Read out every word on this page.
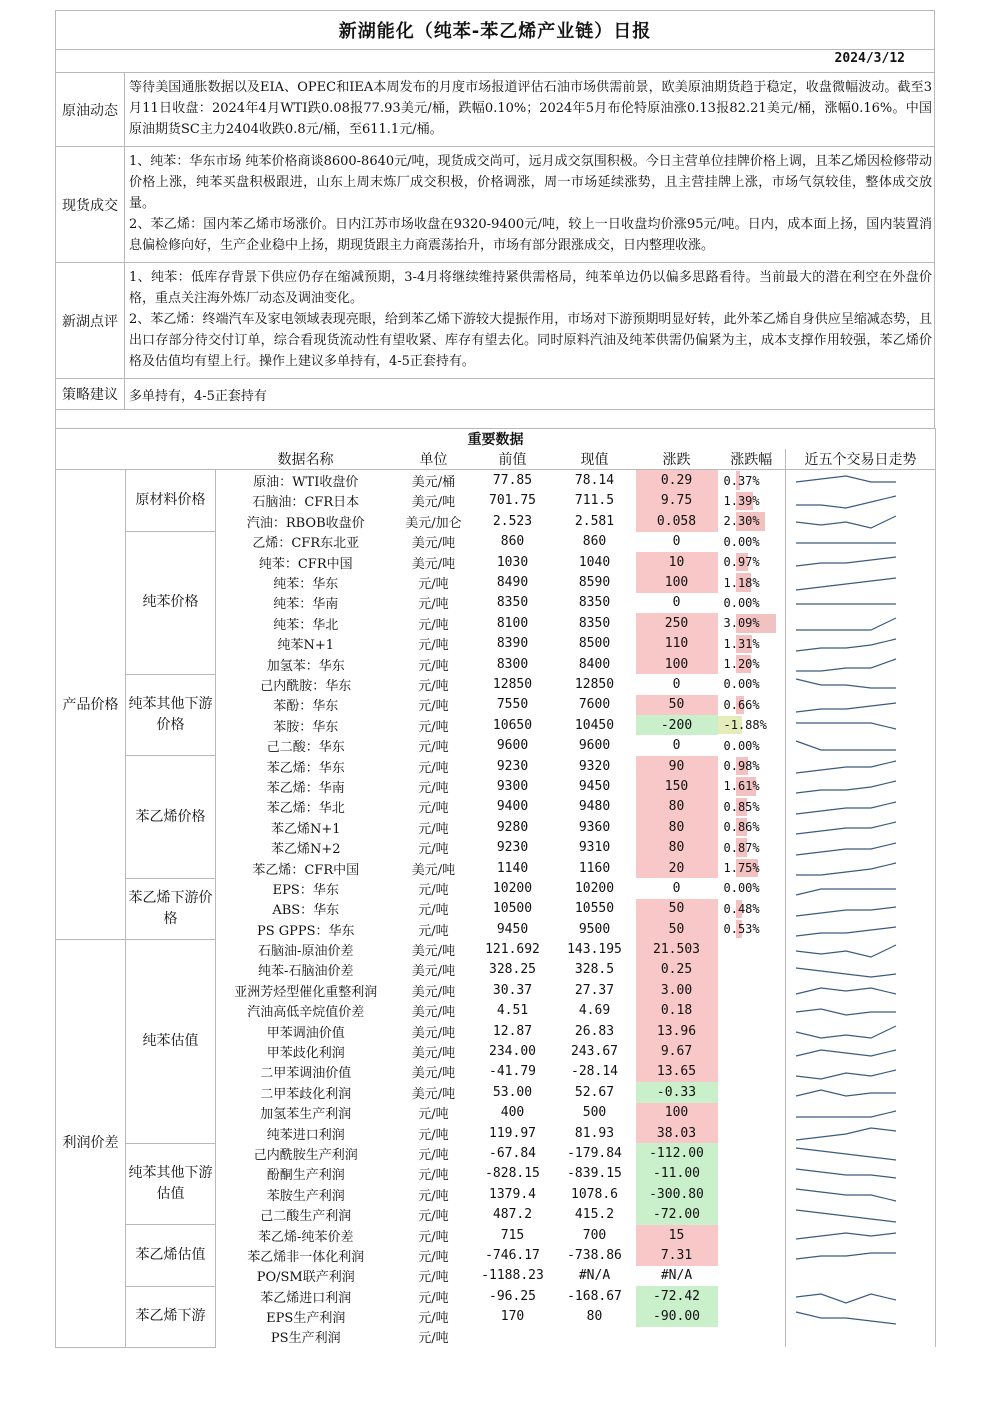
新湖能化（纯苯-苯乙烯产业链）日报

2024/3/12
原油动态	等待美国通胀数据以及EIA、OPEC和IEA本周发布的月度市场报道评估石油市场供需前景，欧美原油期货趋于稳定，收盘微幅波动。截至3月11日收盘：2024年4月WTI跌0.08报77.93美元/桶，跌幅0.10%；2024年5月布伦特原油涨0.13报82.21美元/桶，涨幅0.16%。中国原油期货SC主力2404收跌0.8元/桶，至611.1元/桶。

现货成交	1、纯苯：华东市场 纯苯价格商谈8600-8640元/吨，现货成交尚可，远月成交氛围积极。今日主营单位挂牌价格上调，且苯乙烯因检修带动价格上涨，纯苯买盘积极跟进，山东上周末炼厂成交积极，价格调涨，周一市场延续涨势，且主营挂牌上涨，市场气氛较佳，整体成交放量。

2、苯乙烯：国内苯乙烯市场涨价。日内江苏市场收盘在9320-9400元/吨，较上一日收盘均价涨95元/吨。日内，成本面上扬，国内装置消息偏检修向好，生产企业稳中上扬，期现货跟主力商震荡抬升，市场有部分跟涨成交，日内整理收涨。

新湖点评	1、纯苯：低库存背景下供应仍存在缩减预期，3-4月将继续维持紧供需格局，纯苯单边仍以偏多思路看待。当前最大的潜在利空在外盘价格，重点关注海外炼厂动态及调油变化。

2、苯乙烯：终端汽车及家电领域表现亮眼，给到苯乙烯下游较大提振作用，市场对下游预期明显好转，此外苯乙烯自身供应呈缩减态势，且出口存部分待交付订单，综合看现货流动性有望收紧、库存有望去化。同时原料汽油及纯苯供需仍偏紧为主，成本支撑作用较强，苯乙烯价格及估值均有望上行。操作上建议多单持有，4-5正套持有。

策略建议	多单持有，4-5正套持有

重要数据								
		数据名称	单位	前值	现值	涨跌	涨跌幅	近五个交易日走势
产品价格	原材料价格	原油：WTI收盘价	美元/桶	77.85	78.14	0.29	0.37%	

		石脑油：CFR日本	美元/吨	701.75	711.5	9.75	1.39%	

		汽油：RBOB收盘价	美元/加仑	2.523	2.581	0.058	2.30%	

	纯苯价格	乙烯：CFR东北亚	美元/吨	860	860	0	0.00%	

		纯苯：CFR中国	美元/吨	1030	1040	10	0.97%	

		纯苯：华东	元/吨	8490	8590	100	1.18%	

		纯苯：华南	元/吨	8350	8350	0	0.00%	

		纯苯：华北	元/吨	8100	8350	250	3.09%	

		纯苯N+1	元/吨	8390	8500	110	1.31%	

		加氢苯：华东	元/吨	8300	8400	100	1.20%	

	纯苯其他下游价格	己内酰胺：华东	元/吨	12850	12850	0	0.00%	

		苯酚：华东	元/吨	7550	7600	50	0.66%	

		苯胺：华东	元/吨	10650	10450	-200	-1.88%	

		己二酸：华东	元/吨	9600	9600	0	0.00%	

	苯乙烯价格	苯乙烯：华东	元/吨	9230	9320	90	0.98%	

		苯乙烯：华南	元/吨	9300	9450	150	1.61%	

		苯乙烯：华北	元/吨	9400	9480	80	0.85%	

		苯乙烯N+1	元/吨	9280	9360	80	0.86%	

		苯乙烯N+2	元/吨	9230	9310	80	0.87%	

		苯乙烯：CFR中国	美元/吨	1140	1160	20	1.75%	

	苯乙烯下游价格	EPS：华东	元/吨	10200	10200	0	0.00%	

		ABS：华东	元/吨	10500	10550	50	0.48%	

		PS GPPS：华东	元/吨	9450	9500	50	0.53%	

利润价差	纯苯估值	石脑油-原油价差	美元/吨	121.692	143.195	21.503		

		纯苯-石脑油价差	美元/吨	328.25	328.5	0.25		

		亚洲芳烃型催化重整利润	美元/吨	30.37	27.37	3.00		

		汽油高低辛烷值价差	美元/吨	4.51	4.69	0.18		

		甲苯调油价值	美元/吨	12.87	26.83	13.96		

		甲苯歧化利润	美元/吨	234.00	243.67	9.67		

		二甲苯调油价值	美元/吨	-41.79	-28.14	13.65		

		二甲苯歧化利润	美元/吨	53.00	52.67	-0.33		

		加氢苯生产利润	元/吨	400	500	100		

		纯苯进口利润	元/吨	119.97	81.93	38.03		

	纯苯其他下游估值	己内酰胺生产利润	元/吨	-67.84	-179.84	-112.00		

		酚酮生产利润	元/吨	-828.15	-839.15	-11.00		

		苯胺生产利润	元/吨	1379.4	1078.6	-300.80		

		己二酸生产利润	元/吨	487.2	415.2	-72.00		

	苯乙烯估值	苯乙烯-纯苯价差	元/吨	715	700	15		

		苯乙烯非一体化利润	元/吨	-746.17	-738.86	7.31		

		PO/SM联产利润	元/吨	-1188.23	#N/A	#N/A		
	苯乙烯下游	苯乙烯进口利润	元/吨	-96.25	-168.67	-72.42		

		EPS生产利润	元/吨	170	80	-90.00		

		PS生产利润	元/吨					
